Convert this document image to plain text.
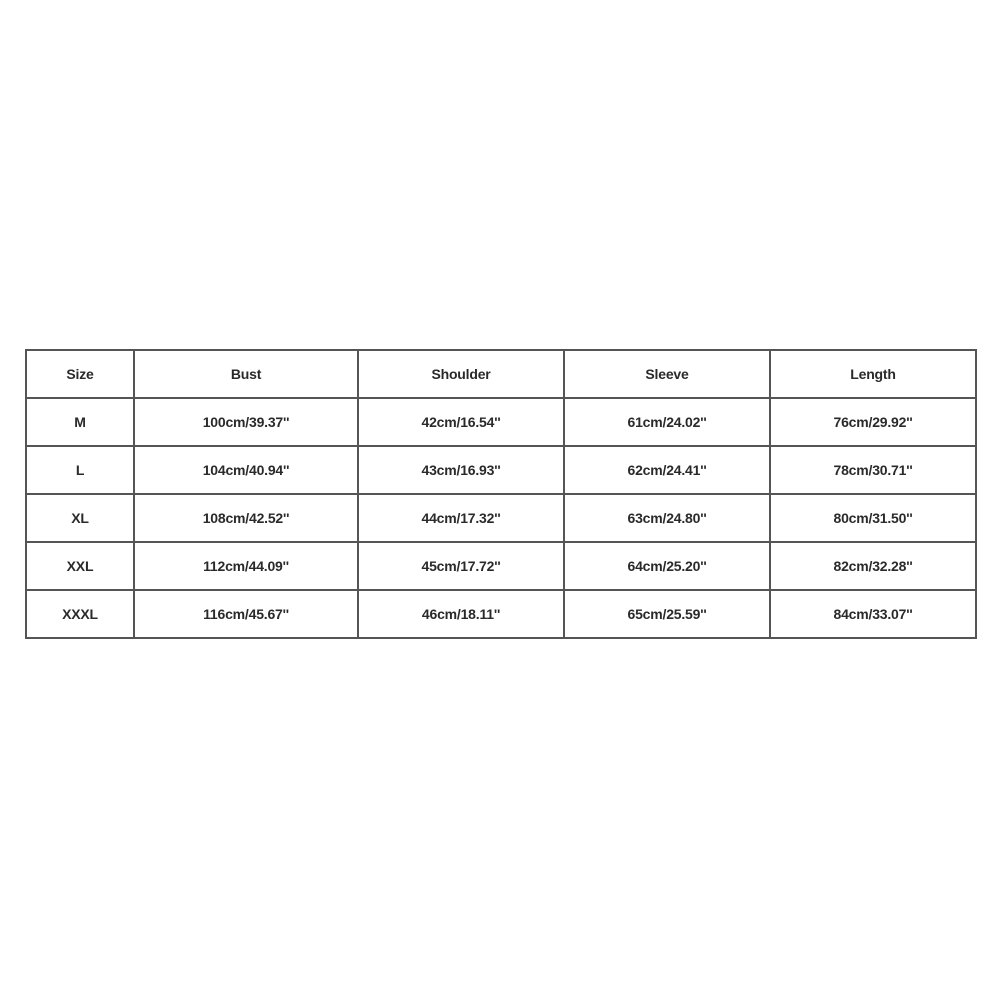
Size	Bust	Shoulder	Sleeve	Length
M	100cm/39.37''	42cm/16.54''	61cm/24.02''	76cm/29.92''
L	104cm/40.94''	43cm/16.93''	62cm/24.41''	78cm/30.71''
XL	108cm/42.52''	44cm/17.32''	63cm/24.80''	80cm/31.50''
XXL	112cm/44.09''	45cm/17.72''	64cm/25.20''	82cm/32.28''
XXXL	116cm/45.67''	46cm/18.11''	65cm/25.59''	84cm/33.07''
